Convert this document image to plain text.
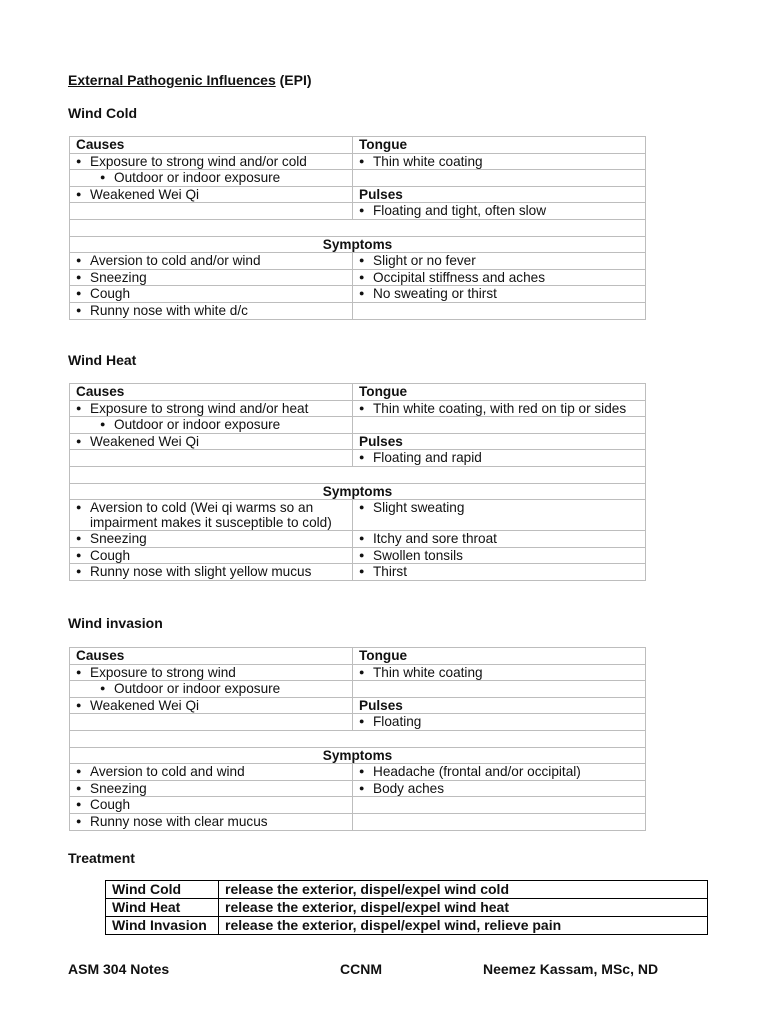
External Pathogenic Influences (EPI)
Wind Cold
Causes	Tongue
● Exposure to strong wind and/or cold	● Thin white coating
● Outdoor or indoor exposure	
● Weakened Wei Qi	Pulses
	● Floating and tight, often slow

Symptoms	
● Aversion to cold and/or wind	● Slight or no fever
● Sneezing	● Occipital stiffness and aches
● Cough	● No sweating or thirst
● Runny nose with white d/c	
Wind Heat
Causes	Tongue
● Exposure to strong wind and/or heat	● Thin white coating, with red on tip or sides
● Outdoor or indoor exposure	
● Weakened Wei Qi	Pulses
	● Floating and rapid

Symptoms	
● Aversion to cold (Wei qi warms so an impairment makes it susceptible to cold)	● Slight sweating
● Sneezing	● Itchy and sore throat
● Cough	● Swollen tonsils
● Runny nose with slight yellow mucus	● Thirst
Wind invasion
Causes	Tongue
● Exposure to strong wind	● Thin white coating
● Outdoor or indoor exposure	
● Weakened Wei Qi	Pulses
	● Floating

Symptoms	
● Aversion to cold and wind	● Headache (frontal and/or occipital)
● Sneezing	● Body aches
● Cough	
● Runny nose with clear mucus	
Treatment
Wind Cold	release the exterior, dispel/expel wind cold
Wind Heat	release the exterior, dispel/expel wind heat
Wind Invasion	release the exterior, dispel/expel wind, relieve pain
ASM 304 Notes	CCNM	Neemez Kassam, MSc, ND
